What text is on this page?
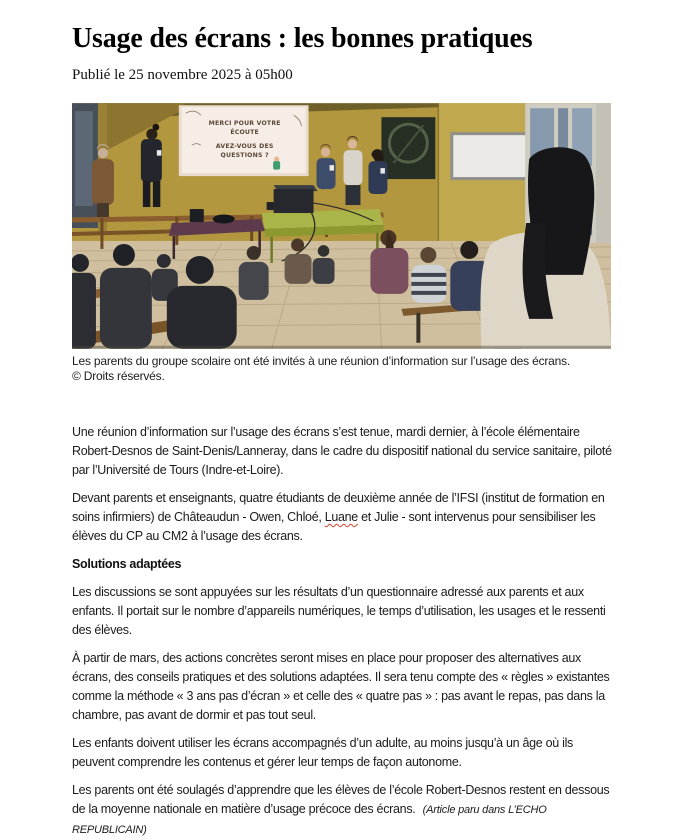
Usage des écrans : les bonnes pratiques

Publié le 25 novembre 2025 à 05h00

MERCI POUR VOTRE
ÉCOUTE
AVEZ-VOUS DES
QUESTIONS ?
Les parents du groupe scolaire ont été invités à une réunion d’information sur l’usage des écrans.
© Droits réservés.

Une réunion d’information sur l’usage des écrans s’est tenue, mardi dernier, à l’école élémentaire Robert-Desnos de Saint-Denis/Lanneray, dans le cadre du dispositif national du service sanitaire, piloté par l’Université de Tours (Indre-et-Loire).

Devant parents et enseignants, quatre étudiants de deuxième année de l’IFSI (institut de formation en soins infirmiers) de Châteaudun - Owen, Chloé, Luane et Julie - sont intervenus pour sensibiliser les élèves du CP au CM2 à l’usage des écrans.

Solutions adaptées

Les discussions se sont appuyées sur les résultats d’un questionnaire adressé aux parents et aux enfants. Il portait sur le nombre d’appareils numériques, le temps d’utilisation, les usages et le ressenti des élèves.

À partir de mars, des actions concrètes seront mises en place pour proposer des alternatives aux écrans, des conseils pratiques et des solutions adaptées. Il sera tenu compte des « règles » existantes comme la méthode « 3 ans pas d’écran » et celle des « quatre pas » : pas avant le repas, pas dans la chambre, pas avant de dormir et pas tout seul.

Les enfants doivent utiliser les écrans accompagnés d’un adulte, au moins jusqu’à un âge où ils peuvent comprendre les contenus et gérer leur temps de façon autonome.

Les parents ont été soulagés d’apprendre que les élèves de l’école Robert-Desnos restent en dessous de la moyenne nationale en matière d’usage précoce des écrans. (Article paru dans L’ECHO REPUBLICAIN)
